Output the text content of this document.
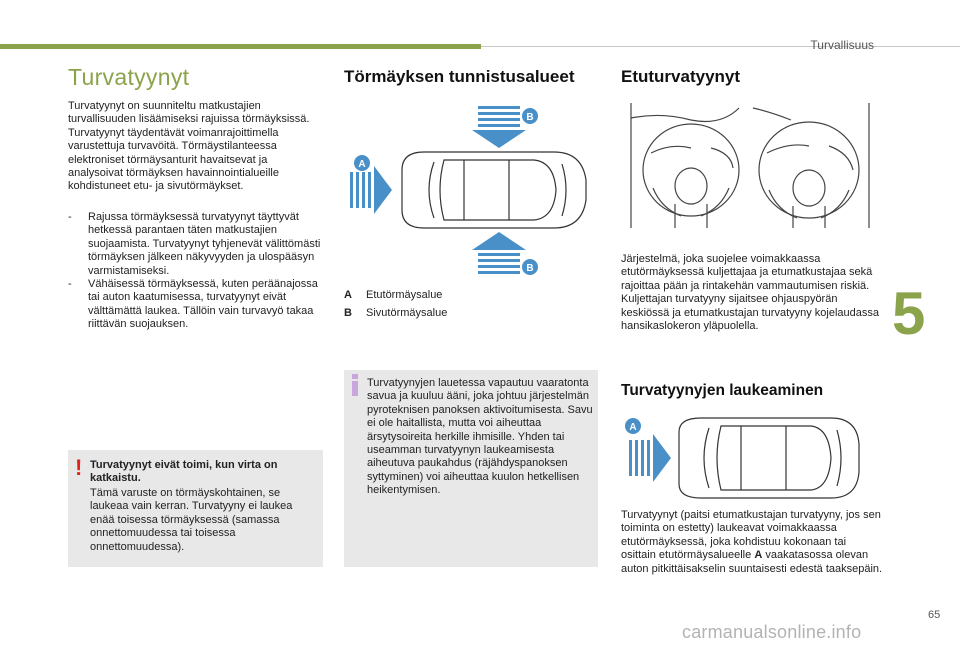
Turvallisuus
5
65
carmanualsonline.info
Turvatyynyt

Turvatyynyt on suunniteltu matkustajien turvallisuuden lisäämiseksi rajuissa törmäyksissä. Turvatyynyt täydentävät voimanrajoittimella varustettuja turvavöitä. Törmäystilanteessa elektroniset törmäysanturit havaitsevat ja analysoivat törmäyksen havainnointialueille kohdistuneet etu- ja sivutörmäykset.

- Rajussa törmäyksessä turvatyynyt täyttyvät hetkessä parantaen täten matkustajien suojaamista. Turvatyynyt tyhjenevät välittömästi törmäyksen jälkeen näkyvyyden ja ulospääsyn varmistamiseksi.
- Vähäisessä törmäyksessä, kuten peräänajossa tai auton kaatumisessa, turvatyynyt eivät välttämättä laukea. Tällöin vain turvavyö takaa riittävän suojauksen.
! Turvatyynyt eivät toimi, kun virta on katkaistu.
Tämä varuste on törmäyskohtainen, se laukeaa vain kerran. Turvatyyny ei laukea enää toisessa törmäyksessä (samassa onnettomuudessa tai toisessa onnettomuudessa).
Törmäyksen tunnistusalueet
A
B
B
A Etutörmäysalue
B Sivutörmäysalue
Turvatyynyjen lauetessa vapautuu vaaratonta savua ja kuuluu ääni, joka johtuu järjestelmän pyroteknisen panoksen aktivoitumisesta. Savu ei ole haitallista, mutta voi aiheuttaa ärsytysoireita herkille ihmisille. Yhden tai useamman turvatyynyn laukeamisesta aiheutuva paukahdus (räjähdyspanoksen syttyminen) voi aiheuttaa kuulon hetkellisen heikentymisen.
Etuturvatyynyt

Järjestelmä, joka suojelee voimakkaassa etutörmäyksessä kuljettajaa ja etumatkustajaa sekä rajoittaa pään ja rintakehän vammautumisen riskiä. Kuljettajan turvatyyny sijaitsee ohjauspyörän keskiössä ja etumatkustajan turvatyyny kojelaudassa hansikaslokeron yläpuolella.

Turvatyynyjen laukeaminen
A

Turvatyynyt (paitsi etumatkustajan turvatyyny, jos sen toiminta on estetty) laukeavat voimakkaassa etutörmäyksessä, joka kohdistuu kokonaan tai osittain etutörmäysalueelle A vaakatasossa olevan auton pitkittäisakselin suuntaisesti edestä taaksepäin.
